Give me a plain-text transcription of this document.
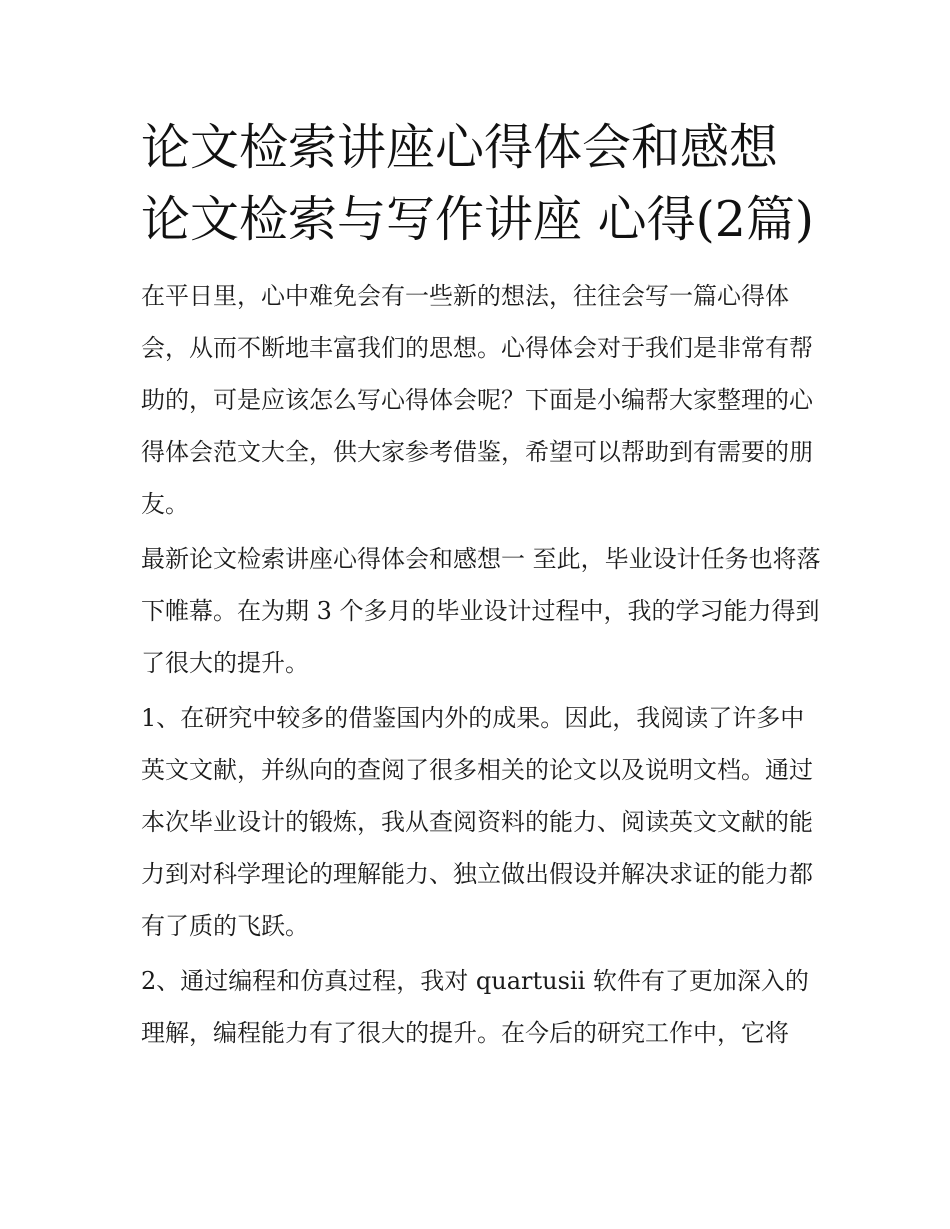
论文检索讲座心得体会和感想论文检索与写作讲座 心得(2篇)

在平日里，心中难免会有一些新的想法，往往会写一篇心得体会，从而不断地丰富我们的思想。心得体会对于我们是非常有帮助的，可是应该怎么写心得体会呢？下面是小编帮大家整理的心得体会范文大全，供大家参考借鉴，希望可以帮助到有需要的朋友。

最新论文检索讲座心得体会和感想一 至此，毕业设计任务也将落下帷幕。在为期 3 个多月的毕业设计过程中，我的学习能力得到了很大的提升。

1、在研究中较多的借鉴国内外的成果。因此，我阅读了许多中英文文献，并纵向的查阅了很多相关的论文以及说明文档。通过本次毕业设计的锻炼，我从查阅资料的能力、阅读英文文献的能力到对科学理论的理解能力、独立做出假设并解决求证的能力都有了质的飞跃。

2、通过编程和仿真过程，我对 quartusii 软件有了更加深入的理解，编程能力有了很大的提升。在今后的研究工作中，它将
